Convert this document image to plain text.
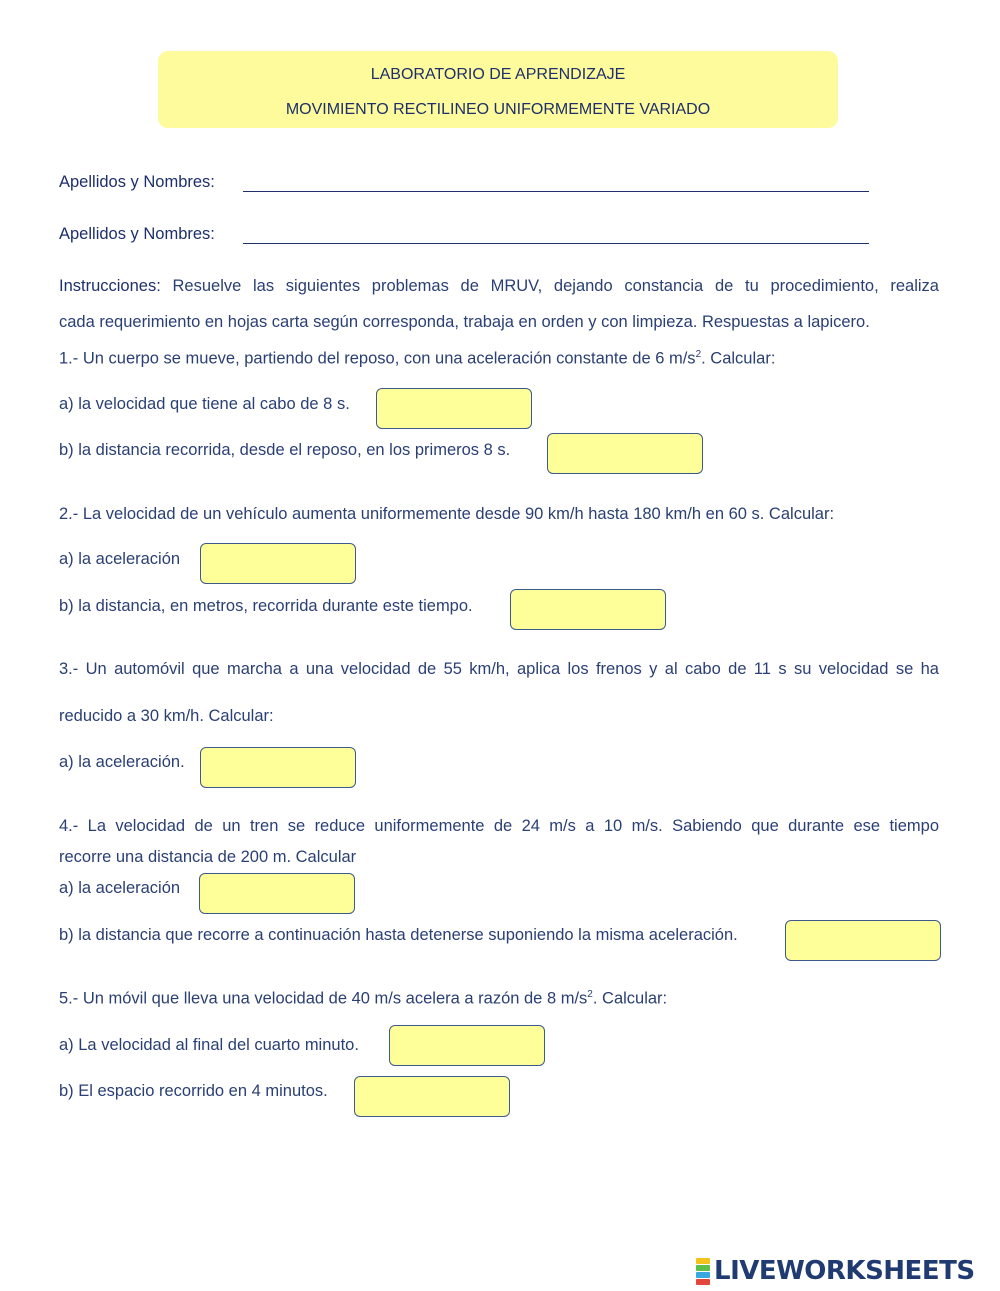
LABORATORIO DE APRENDIZAJE
MOVIMIENTO RECTILINEO UNIFORMEMENTE VARIADO
Apellidos y Nombres:
Apellidos y Nombres:
Instrucciones: Resuelve las siguientes problemas de MRUV, dejando constancia de tu procedimiento, realiza
cada requerimiento en hojas carta según corresponda, trabaja en orden y con limpieza. Respuestas a lapicero.
1.- Un cuerpo se mueve, partiendo del reposo, con una aceleración constante de 6 $m/s^2$. Calcular:
a) la velocidad que tiene al cabo de 8 s.
b) la distancia recorrida, desde el reposo, en los primeros 8 s.
2.- La velocidad de un vehículo aumenta uniformemente desde 90 km/h hasta 180 km/h en 60 s. Calcular:
a) la aceleración
b) la distancia, en metros, recorrida durante este tiempo.
3.- Un automóvil que marcha a una velocidad de 55 km/h, aplica los frenos y al cabo de 11 s su velocidad se ha
reducido a 30 km/h. Calcular:
a) la aceleración.
4.- La velocidad de un tren se reduce uniformemente de 24 m/s a 10 m/s. Sabiendo que durante ese tiempo
recorre una distancia de 200 m. Calcular
a) la aceleración
b) la distancia que recorre a continuación hasta detenerse suponiendo la misma aceleración.
5.- Un móvil que lleva una velocidad de 40 m/s acelera a razón de 8 $m/s^2$. Calcular:
a) La velocidad al final del cuarto minuto.
b) El espacio recorrido en 4 minutos.
LIVEWORKSHEETS
